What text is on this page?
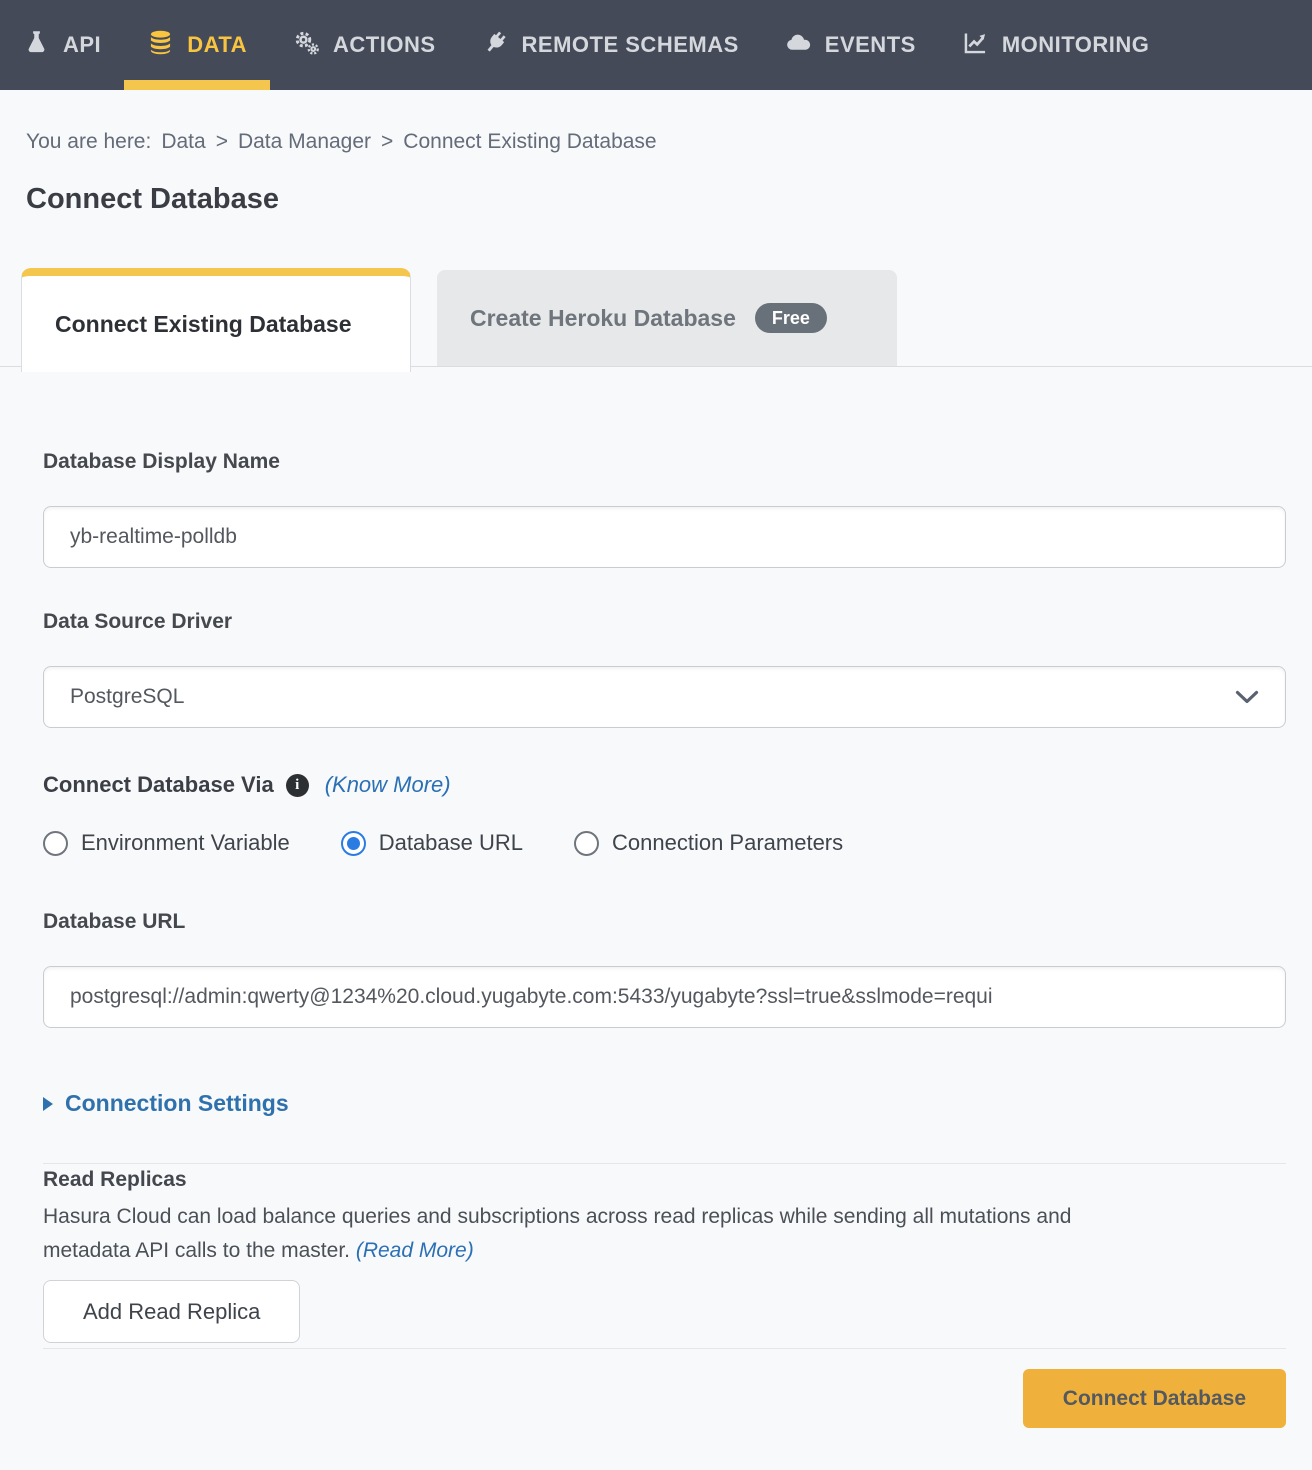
API	DATA	ACTIONS	REMOTE SCHEMAS	EVENTS	MONITORING
You are here: Data > Data Manager > Connect Existing Database
Connect Database
Connect Existing Database	Create Heroku Database	Free
Database Display Name
yb-realtime-polldb
Data Source Driver
PostgreSQL
Connect Database Via i (Know More)
Environment Variable	Database URL	Connection Parameters
Database URL
postgresql://admin:qwerty@1234%20.cloud.yugabyte.com:5433/yugabyte?ssl=true&sslmode=requi
Connection Settings
Read Replicas

Hasura Cloud can load balance queries and subscriptions across read replicas while sending all mutations and metadata API calls to the master. (Read More)

Add Read Replica
Connect Database
